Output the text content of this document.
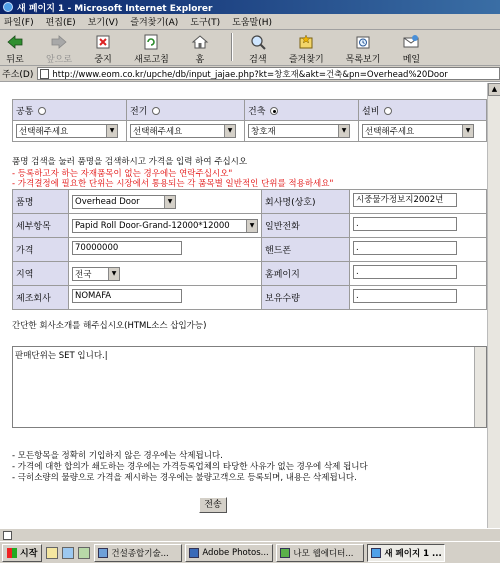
새 페이지 1 - Microsoft Internet Explorer
파일(F) 편집(E) 보기(V) 즐겨찾기(A) 도구(T) 도움말(H)
뒤로 앞으로 중지 새로고침	홈	검색 즐겨찾기 목록보기 메일
주소(D) http://www.eom.co.kr/upche/db/input_jajae.php?kt=창호재&akt=건축&pn=Overhead%20Door
공통	전기	건축	설비

선택해주세요 ▼	선택해주세요 ▼	창호재 ▼	선택해주세요 ▼
품명 검색을 눌러 품명을 검색하시고 가격을 입력 하여 주십시오
- 등록하고자 하는 자재품목이 없는 경우에는 연락주십시오"
- 가격결정에 필요한 단위는 시장에서 통용되는 각 품목별 일반적인 단위를 적용하세요"
품명	Overhead Door ▼	회사명(상호)	시중물가정보지2002년
세부항목	Papid Roll Door-Grand-12000*12000 ▼	일반전화	.
가격	70000000	핸드폰	.
지역	전국 ▼	홈페이지	.
제조회사	NOMAFA	보유수량	.
간단한 회사소개를 해주십시오(HTML소스 삽입가능)
판매단위는 SET 입니다.|
- 모든항목을 정확히 기입하지 않은 경우에는 삭제됩니다.
- 가격에 대한 합의가 쇄도하는 경우에는 가격등록업체의 타당한 사유가 없는 경우에 삭제 됩니다
- 극히소량의 물량으로 가격을 제시하는 경우에는 불량고객으로 등록되며, 내용은 삭제됩니다.
전송
▲
시작	건설종합기술...	Adobe Photos...	나모 웹에디터...	새 페이지 1 ...
